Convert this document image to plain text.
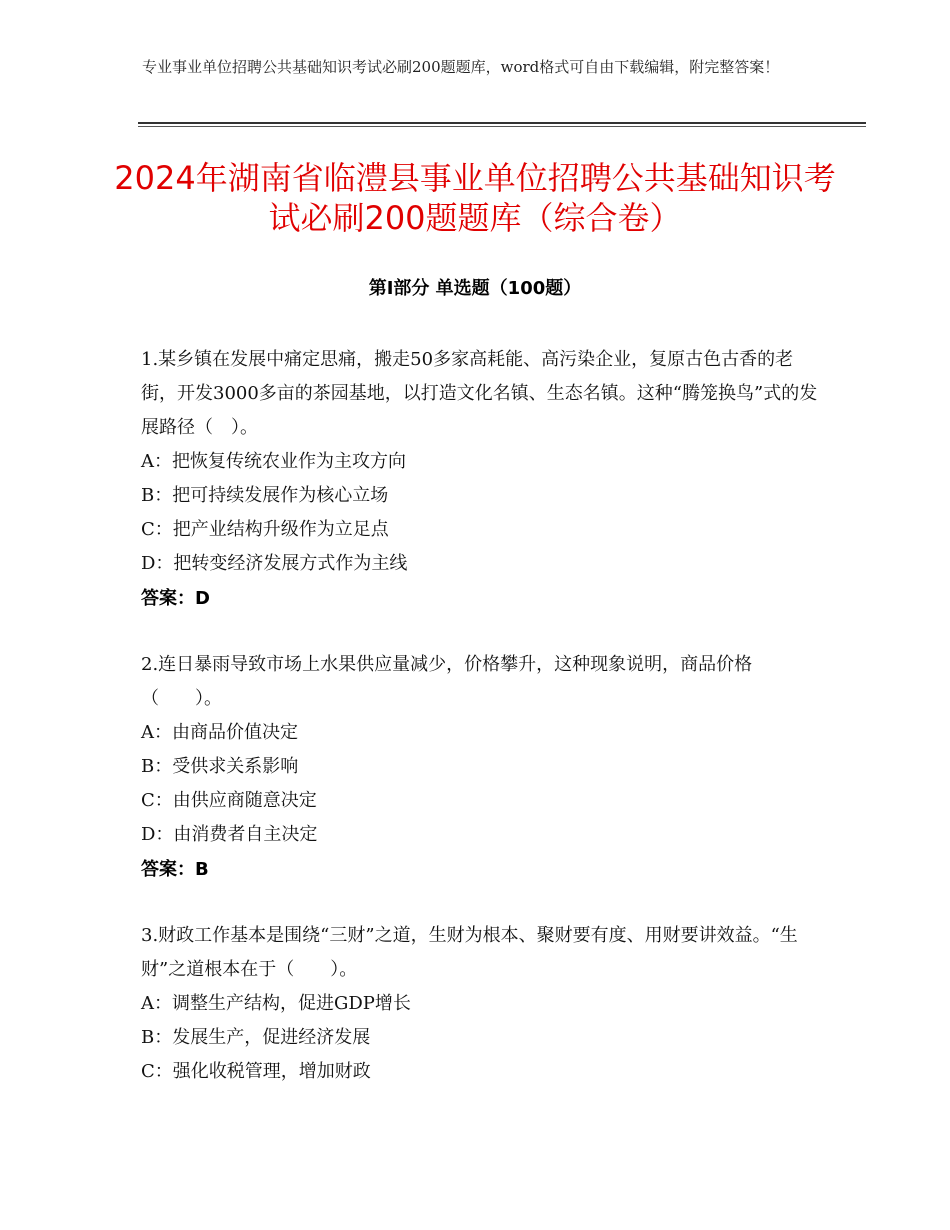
专业事业单位招聘公共基础知识考试必刷200题题库，word格式可自由下载编辑，附完整答案！
2024年湖南省临澧县事业单位招聘公共基础知识考试必刷200题题库（综合卷）
第Ⅰ部分 单选题（100题）
1.某乡镇在发展中痛定思痛，搬走50多家高耗能、高污染企业，复原古色古香的老街，开发3000多亩的茶园基地，以打造文化名镇、生态名镇。这种“腾笼换鸟”式的发展路径（　）。
A：把恢复传统农业作为主攻方向
B：把可持续发展作为核心立场
C：把产业结构升级作为立足点
D：把转变经济发展方式作为主线
答案：D
2.连日暴雨导致市场上水果供应量减少，价格攀升，这种现象说明，商品价格（　　）。
A：由商品价值决定
B：受供求关系影响
C：由供应商随意决定
D：由消费者自主决定
答案：B
3.财政工作基本是围绕“三财”之道，生财为根本、聚财要有度、用财要讲效益。“生财”之道根本在于（　　）。
A：调整生产结构，促进GDP增长
B：发展生产，促进经济发展
C：强化收税管理，增加财政
